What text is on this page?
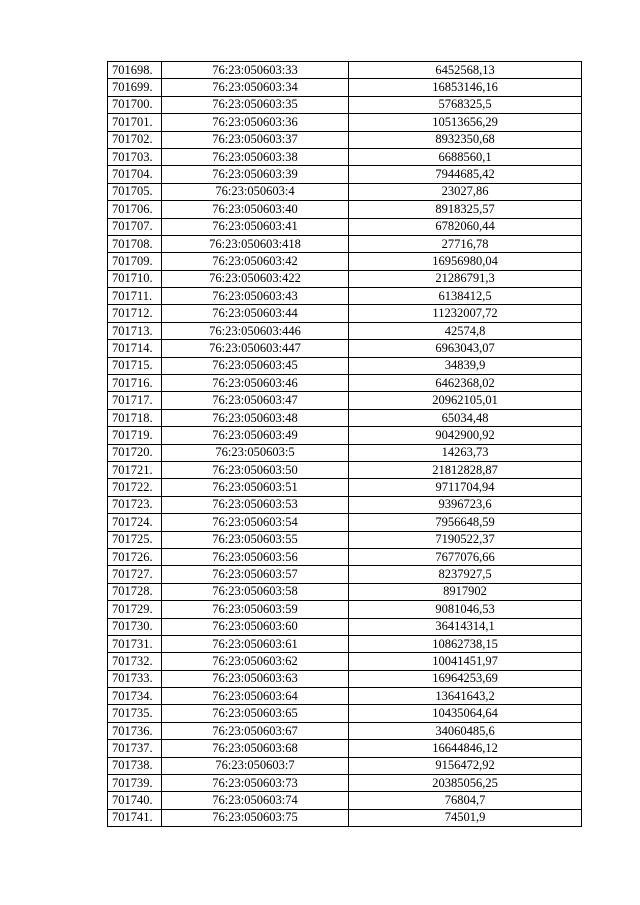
701698.	76:23:050603:33	6452568,13
701699.	76:23:050603:34	16853146,16
701700.	76:23:050603:35	5768325,5
701701.	76:23:050603:36	10513656,29
701702.	76:23:050603:37	8932350,68
701703.	76:23:050603:38	6688560,1
701704.	76:23:050603:39	7944685,42
701705.	76:23:050603:4	23027,86
701706.	76:23:050603:40	8918325,57
701707.	76:23:050603:41	6782060,44
701708.	76:23:050603:418	27716,78
701709.	76:23:050603:42	16956980,04
701710.	76:23:050603:422	21286791,3
701711.	76:23:050603:43	6138412,5
701712.	76:23:050603:44	11232007,72
701713.	76:23:050603:446	42574,8
701714.	76:23:050603:447	6963043,07
701715.	76:23:050603:45	34839,9
701716.	76:23:050603:46	6462368,02
701717.	76:23:050603:47	20962105,01
701718.	76:23:050603:48	65034,48
701719.	76:23:050603:49	9042900,92
701720.	76:23:050603:5	14263,73
701721.	76:23:050603:50	21812828,87
701722.	76:23:050603:51	9711704,94
701723.	76:23:050603:53	9396723,6
701724.	76:23:050603:54	7956648,59
701725.	76:23:050603:55	7190522,37
701726.	76:23:050603:56	7677076,66
701727.	76:23:050603:57	8237927,5
701728.	76:23:050603:58	8917902
701729.	76:23:050603:59	9081046,53
701730.	76:23:050603:60	36414314,1
701731.	76:23:050603:61	10862738,15
701732.	76:23:050603:62	10041451,97
701733.	76:23:050603:63	16964253,69
701734.	76:23:050603:64	13641643,2
701735.	76:23:050603:65	10435064,64
701736.	76:23:050603:67	34060485,6
701737.	76:23:050603:68	16644846,12
701738.	76:23:050603:7	9156472,92
701739.	76:23:050603:73	20385056,25
701740.	76:23:050603:74	76804,7
701741.	76:23:050603:75	74501,9
